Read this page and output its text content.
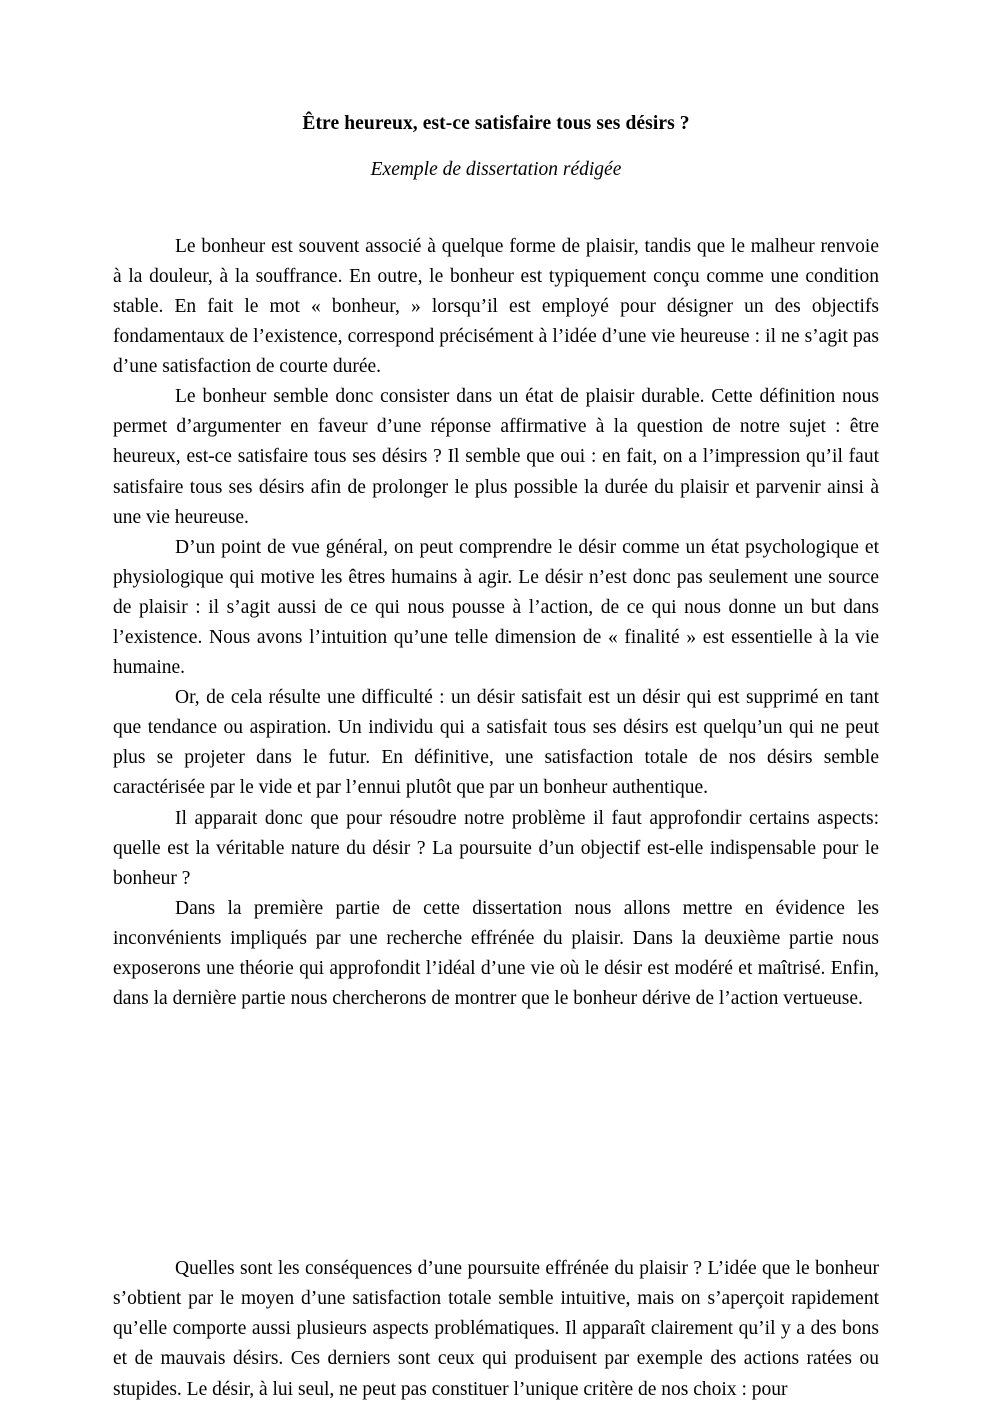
Être heureux, est-ce satisfaire tous ses désirs ?

Exemple de dissertation rédigée

Le bonheur est souvent associé à quelque forme de plaisir, tandis que le malheur renvoie à la douleur, à la souffrance. En outre, le bonheur est typiquement conçu comme une condition stable. En fait le mot « bonheur, » lorsqu’il est employé pour désigner un des objectifs fondamentaux de l’existence, correspond précisément à l’idée d’une vie heureuse : il ne s’agit pas d’une satisfaction de courte durée.

Le bonheur semble donc consister dans un état de plaisir durable. Cette définition nous permet d’argumenter en faveur d’une réponse affirmative à la question de notre sujet : être heureux, est-ce satisfaire tous ses désirs ? Il semble que oui : en fait, on a l’impression qu’il faut satisfaire tous ses désirs afin de prolonger le plus possible la durée du plaisir et parvenir ainsi à une vie heureuse.

D’un point de vue général, on peut comprendre le désir comme un état psychologique et physiologique qui motive les êtres humains à agir. Le désir n’est donc pas seulement une source de plaisir : il s’agit aussi de ce qui nous pousse à l’action, de ce qui nous donne un but dans l’existence. Nous avons l’intuition qu’une telle dimension de « finalité » est essentielle à la vie humaine.

Or, de cela résulte une difficulté : un désir satisfait est un désir qui est supprimé en tant que tendance ou aspiration. Un individu qui a satisfait tous ses désirs est quelqu’un qui ne peut plus se projeter dans le futur. En définitive, une satisfaction totale de nos désirs semble caractérisée par le vide et par l’ennui plutôt que par un bonheur authentique.

Il apparait donc que pour résoudre notre problème il faut approfondir certains aspects: quelle est la véritable nature du désir ? La poursuite d’un objectif est-elle indispensable pour le bonheur ?

Dans la première partie de cette dissertation nous allons mettre en évidence les inconvénients impliqués par une recherche effrénée du plaisir. Dans la deuxième partie nous exposerons une théorie qui approfondit l’idéal d’une vie où le désir est modéré et maîtrisé. Enfin, dans la dernière partie nous chercherons de montrer que le bonheur dérive de l’action vertueuse.

Quelles sont les conséquences d’une poursuite effrénée du plaisir ? L’idée que le bonheur s’obtient par le moyen d’une satisfaction totale semble intuitive, mais on s’aperçoit rapidement qu’elle comporte aussi plusieurs aspects problématiques. Il apparaît clairement qu’il y a des bons et de mauvais désirs. Ces derniers sont ceux qui produisent par exemple des actions ratées ou stupides. Le désir, à lui seul, ne peut pas constituer l’unique critère de nos choix : pour
